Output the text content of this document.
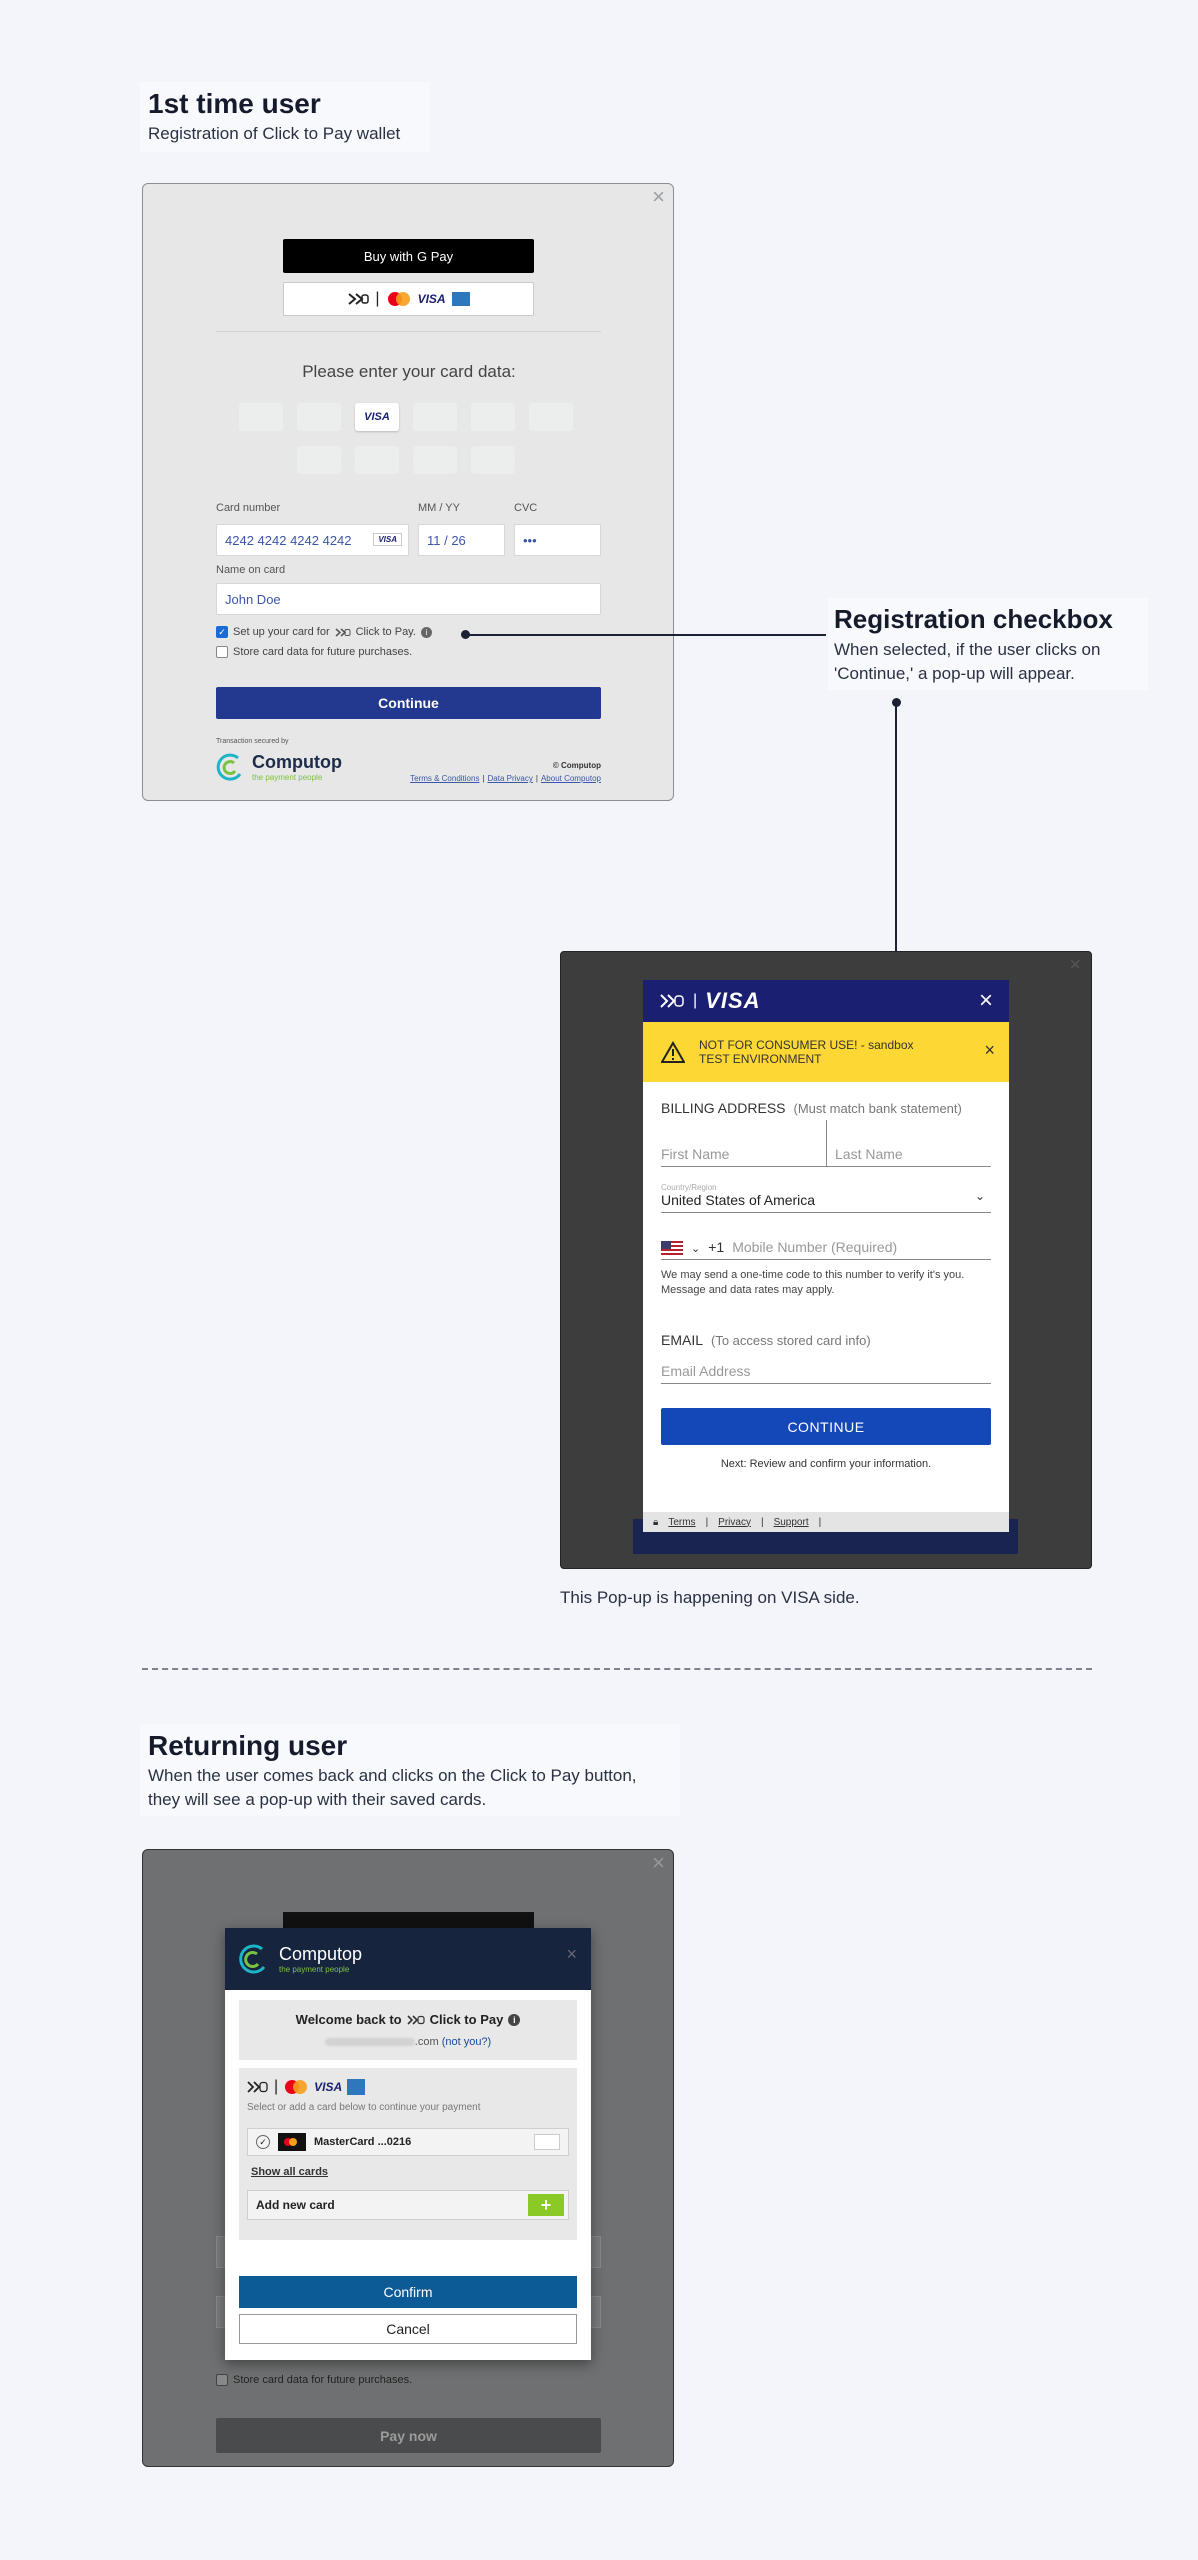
1st time user
Registration of Click to Pay wallet
×
Buy with G Pay
|	VISA
Please enter your card data:
VISA
Card number	MM / YY	CVC
4242 4242 4242 4242	VISA	11 / 26	•••
Name on card
John Doe
✓ Set up your card for Click to Pay.	i
Store card data for future purchases.
Continue
Transaction secured by
Computop
the payment people
© Computop
Terms & Conditions | Data Privacy | About Computop
Registration checkbox
When selected, if the user clicks on
'Continue,' a pop-up will appear.
×
| VISA	×
NOT FOR CONSUMER USE! - sandbox TEST ENVIRONMENT	×
BILLING ADDRESS (Must match bank statement)
First Name	Last Name
Country/Region
United States of America	⌄
⌄ +1 Mobile Number (Required)
We may send a one-time code to this number to verify it's you. Message and data rates may apply.
EMAIL (To access stored card info)
Email Address
CONTINUE
Next: Review and confirm your information.
🔒︎ Terms | Privacy | Support |
This Pop-up is happening on VISA side.
Returning user
When the user comes back and clicks on the Click to Pay button,
they will see a pop-up with their saved cards.
×
Store card data for future purchases.
Pay now
Computop
the payment people
×
Welcome back to Click to Pay	i
.com (not you?)
|	VISA
Select or add a card below to continue your payment
✓	MasterCard ...0216
Show all cards
Add new card	+
Confirm
Cancel
